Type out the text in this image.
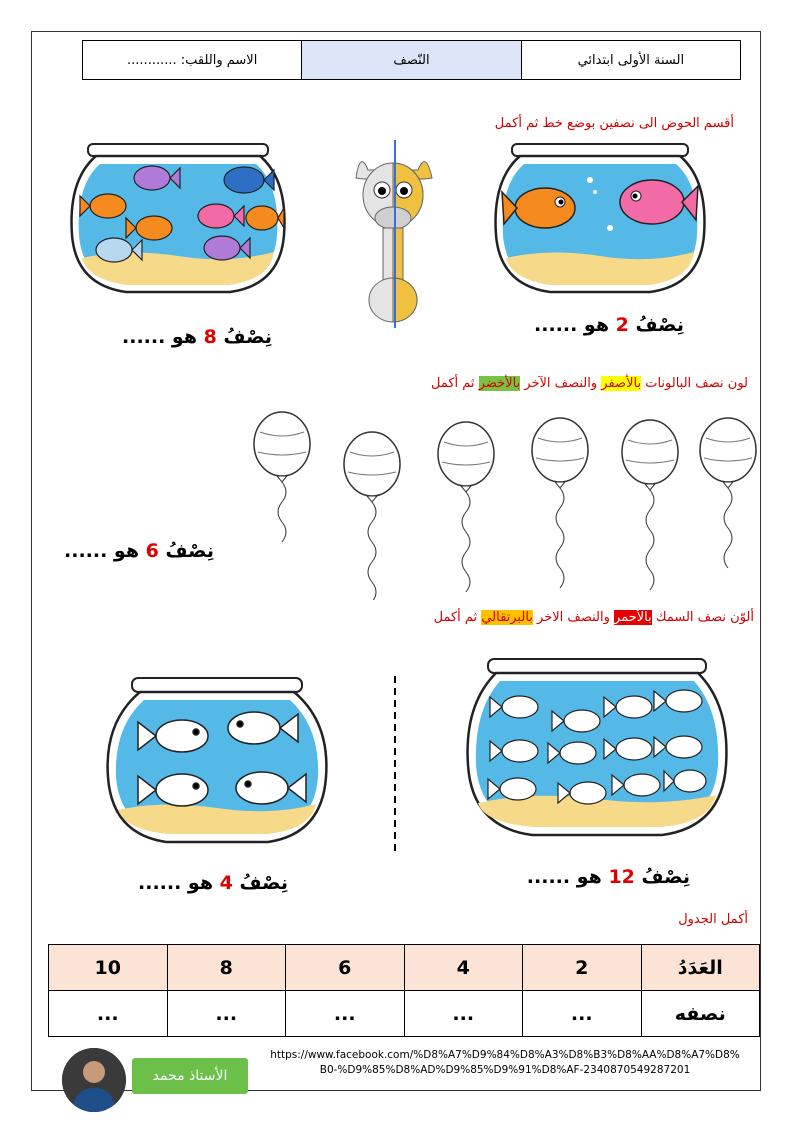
السنة الأولى ابتدائي
النّصف
الاسم واللقب: ............
أقسم الحوض الى نصفين بوضع خط ثم أكمل
نِصْفُ 2 هو ......
نِصْفُ 8 هو ......
لون نصف البالونات بالأصفر والنصف الآخر بالأخضر ثم أكمل
نِصْفُ 6 هو ......
ألوّن نصف السمك بالأحمر والنصف الاخر بالبرتقالي ثم أكمل
نِصْفُ 12 هو ......
نِصْفُ 4 هو ......
أكمل الجدول
العَدَدُ	2	4	6	8	10
نصفه	...	...	...	...	...
الأستاذ محمد
https://www.facebook.com/%D8%A7%D9%84%D8%A3%D8%B3%D8%AA%D8%A7%D8%B0-%D9%85%D8%AD%D9%85%D9%91%D8%AF-2340870549287201
